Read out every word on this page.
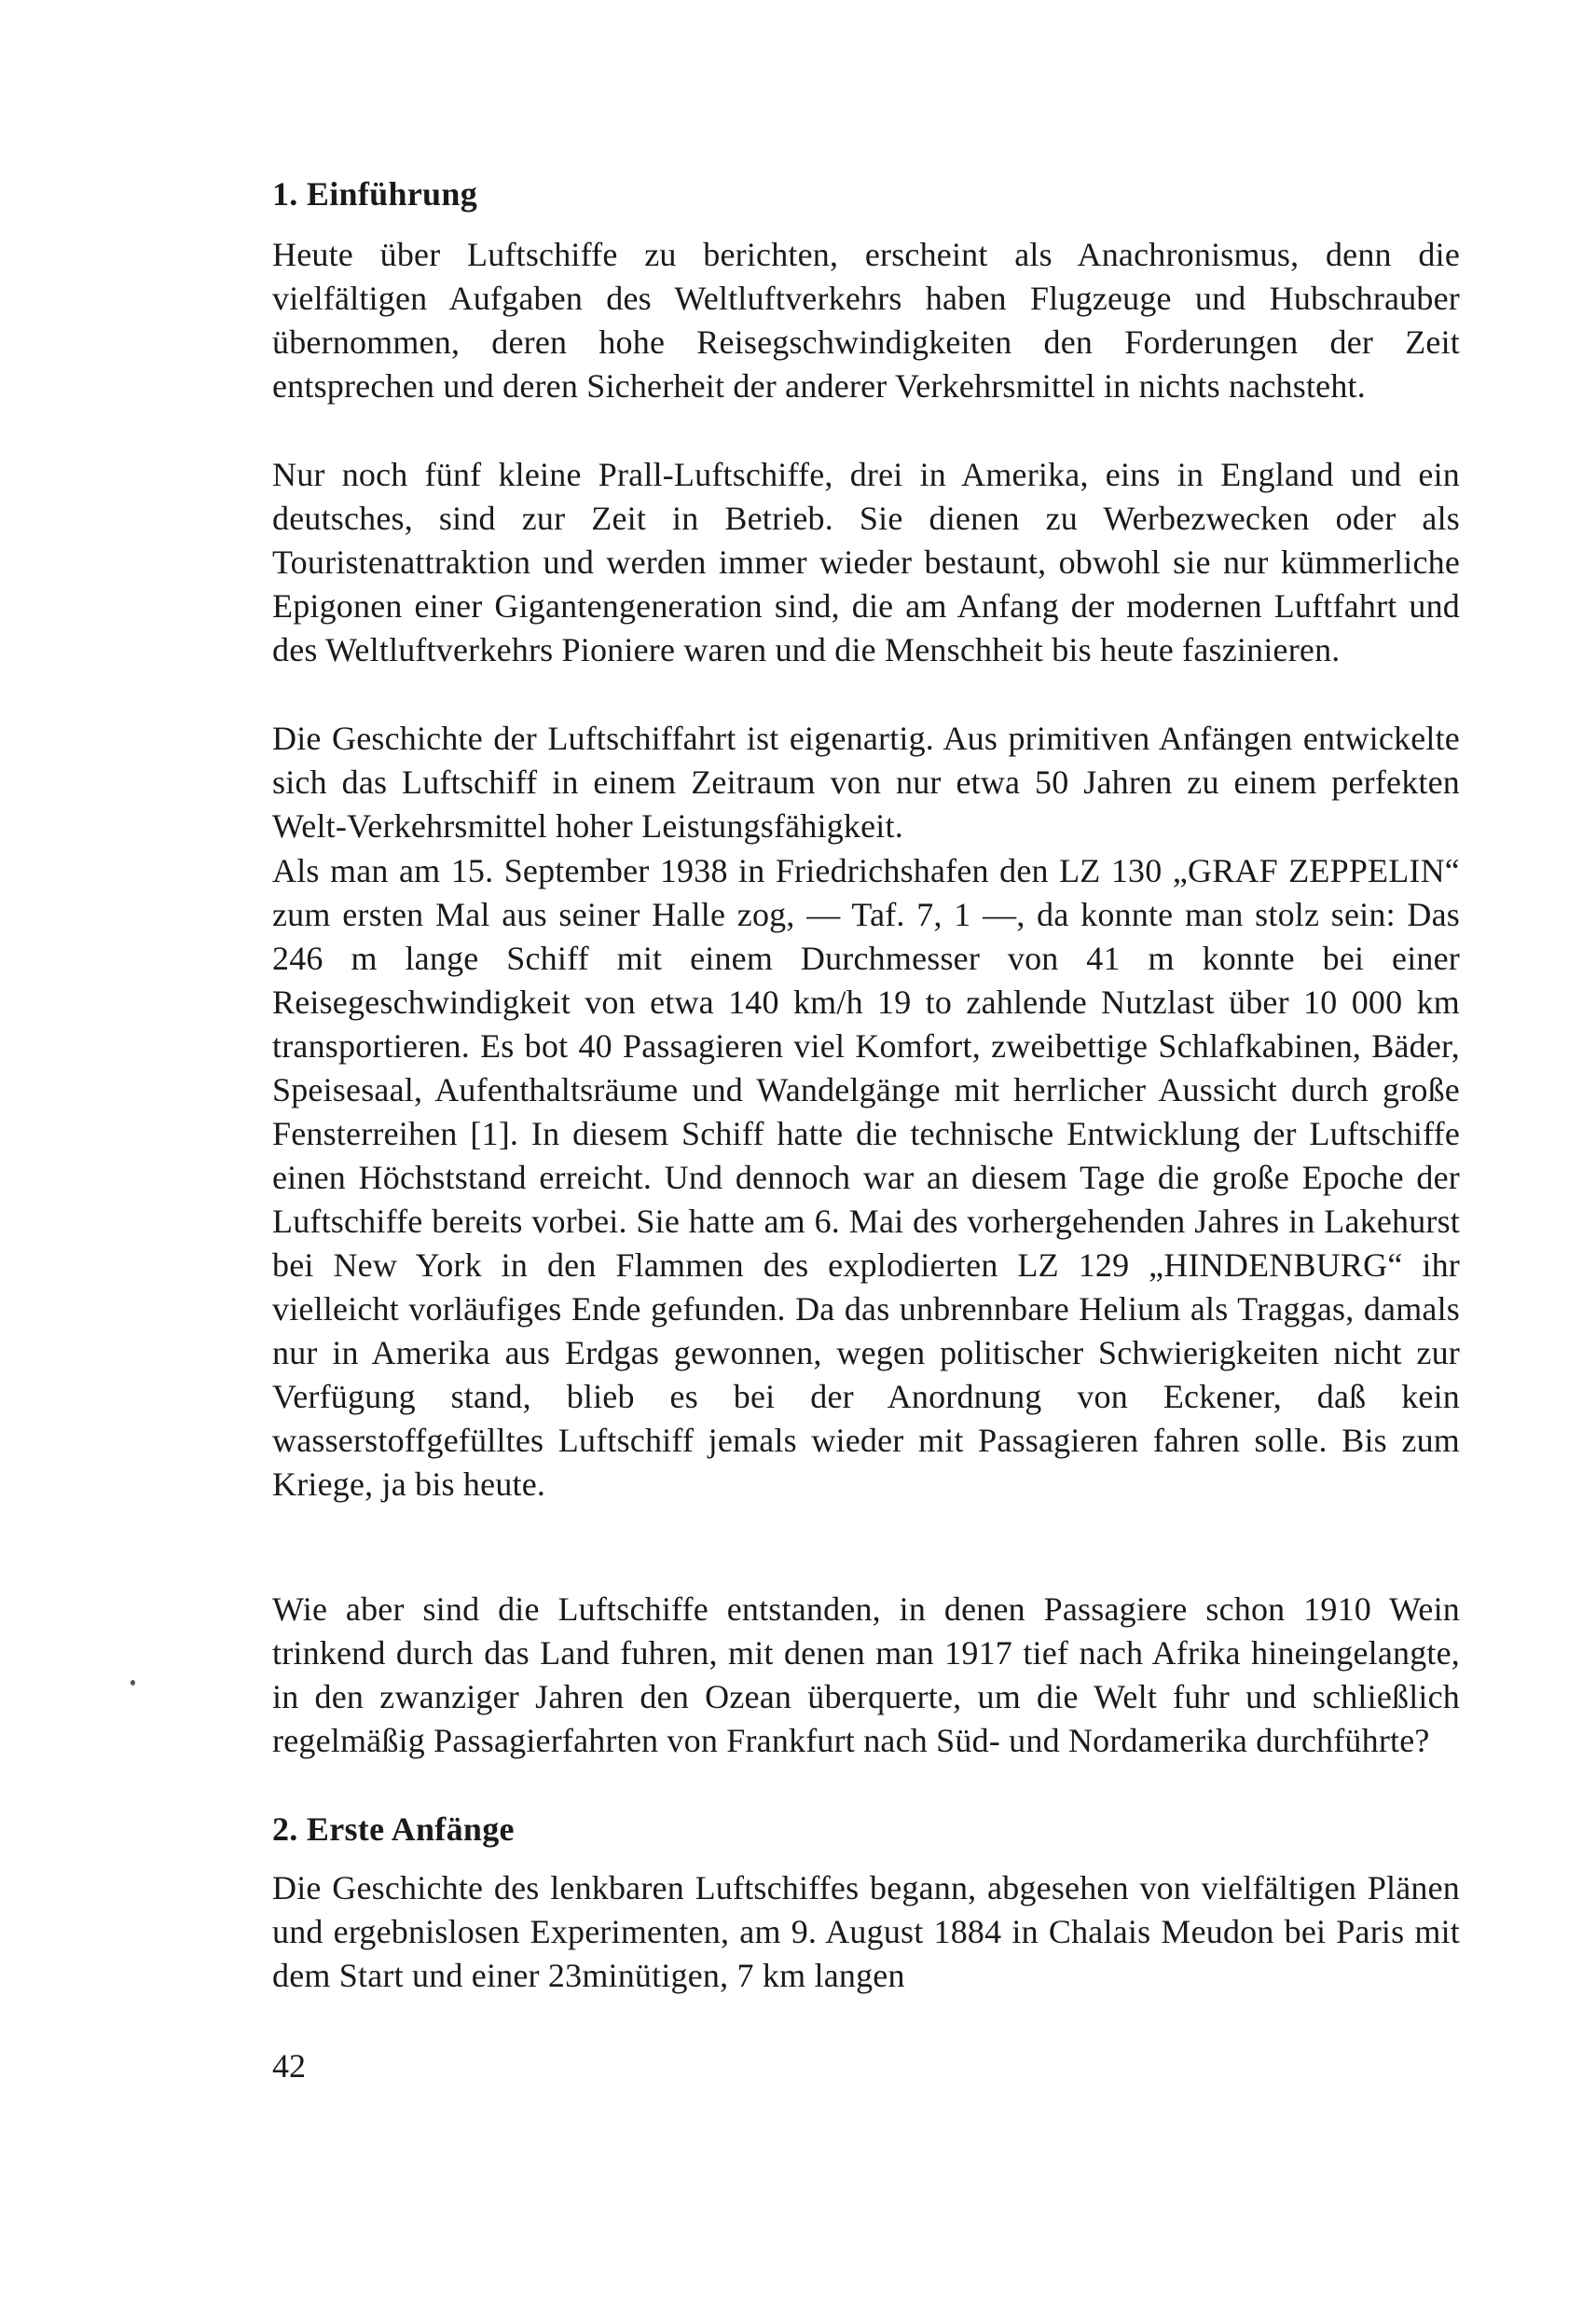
1. Einführung

Heute über Luftschiffe zu berichten, erscheint als Anachronismus, denn die vielfältigen Aufgaben des Weltluftverkehrs haben Flugzeuge und Hubschrauber übernommen, deren hohe Reisegschwindigkeiten den Forderungen der Zeit entsprechen und deren Sicherheit der anderer Verkehrsmittel in nichts nachsteht.

Nur noch fünf kleine Prall-Luftschiffe, drei in Amerika, eins in England und ein deutsches, sind zur Zeit in Betrieb. Sie dienen zu Werbezwecken oder als Touristenattraktion und werden immer wieder bestaunt, obwohl sie nur kümmerliche Epigonen einer Gigantengeneration sind, die am Anfang der modernen Luftfahrt und des Weltluftverkehrs Pioniere waren und die Menschheit bis heute faszinieren.

Die Geschichte der Luftschiffahrt ist eigenartig. Aus primitiven Anfängen entwickelte sich das Luftschiff in einem Zeitraum von nur etwa 50 Jahren zu einem perfekten Welt-Verkehrsmittel hoher Leistungsfähigkeit.

Als man am 15. September 1938 in Friedrichshafen den LZ 130 „GRAF ZEPPELIN“ zum ersten Mal aus seiner Halle zog, — Taf. 7, 1 —, da konnte man stolz sein: Das 246 m lange Schiff mit einem Durchmesser von 41 m konnte bei einer Reisegeschwindigkeit von etwa 140 km/h 19 to zahlende Nutzlast über 10 000 km transportieren. Es bot 40 Passagieren viel Komfort, zweibettige Schlafkabinen, Bäder, Speisesaal, Aufenthaltsräume und Wandelgänge mit herrlicher Aussicht durch große Fensterreihen [1]. In diesem Schiff hatte die technische Entwicklung der Luftschiffe einen Höchststand erreicht. Und dennoch war an diesem Tage die große Epoche der Luftschiffe bereits vorbei. Sie hatte am 6. Mai des vorhergehenden Jahres in Lakehurst bei New York in den Flammen des explodierten LZ 129 „HINDENBURG“ ihr vielleicht vorläufiges Ende gefunden. Da das unbrennbare Helium als Traggas, damals nur in Amerika aus Erdgas gewonnen, wegen politischer Schwierigkeiten nicht zur Verfügung stand, blieb es bei der Anordnung von Eckener, daß kein wasserstoffgefülltes Luftschiff jemals wieder mit Passagieren fahren solle. Bis zum Kriege, ja bis heute.

Wie aber sind die Luftschiffe entstanden, in denen Passagiere schon 1910 Wein trinkend durch das Land fuhren, mit denen man 1917 tief nach Afrika hineingelangte, in den zwanziger Jahren den Ozean überquerte, um die Welt fuhr und schließlich regelmäßig Passagierfahrten von Frankfurt nach Süd- und Nordamerika durchführte?

2. Erste Anfänge

Die Geschichte des lenkbaren Luftschiffes begann, abgesehen von vielfältigen Plänen und ergebnislosen Experimenten, am 9. August 1884 in Chalais Meudon bei Paris mit dem Start und einer 23minütigen, 7 km langen

42
